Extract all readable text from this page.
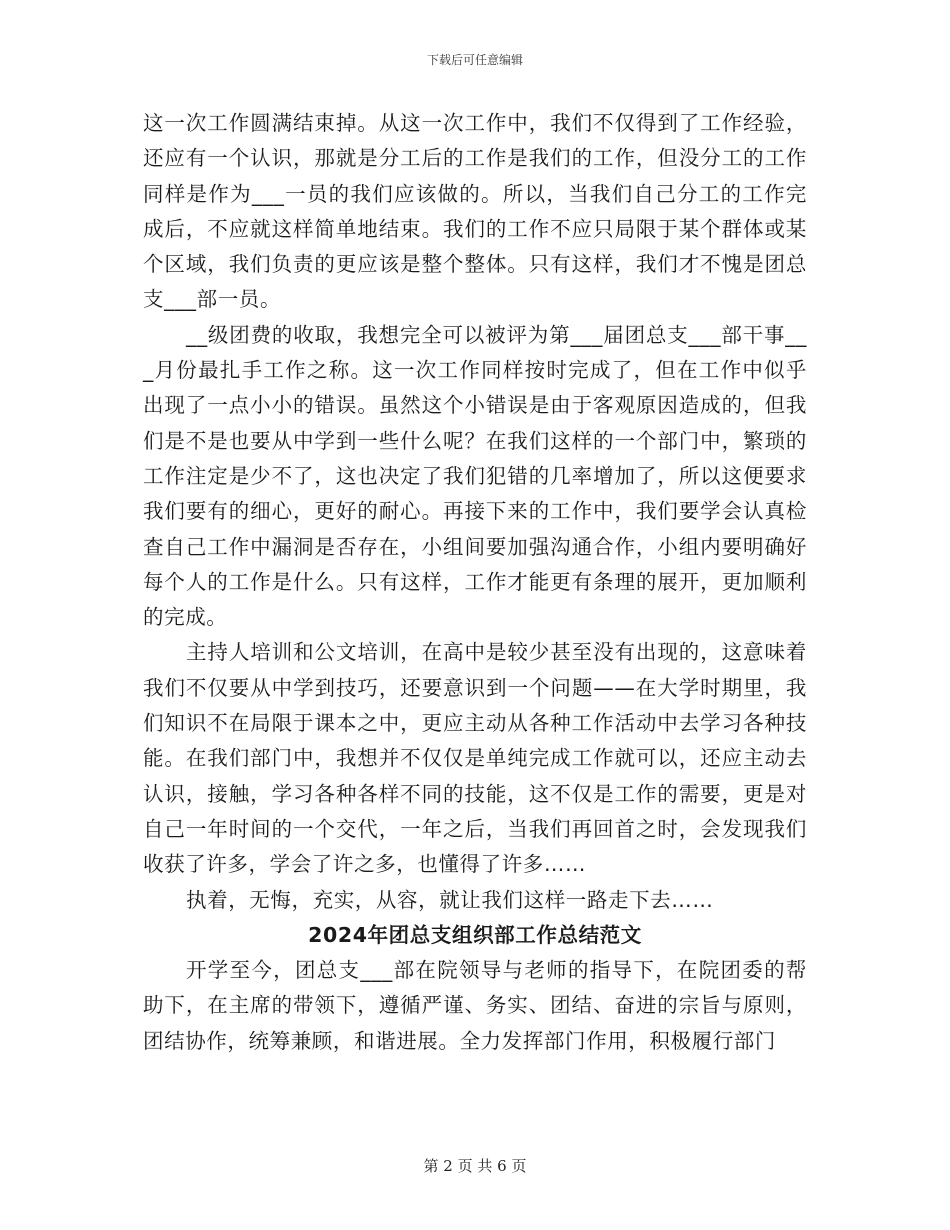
下载后可任意编辑

这一次工作圆满结束掉。从这一次工作中，我们不仅得到了工作经验，还应有一个认识，那就是分工后的工作是我们的工作，但没分工的工作同样是作为___一员的我们应该做的。所以，当我们自己分工的工作完成后，不应就这样简单地结束。我们的工作不应只局限于某个群体或某个区域，我们负责的更应该是整个整体。只有这样，我们才不愧是团总支___部一员。

__级团费的收取，我想完全可以被评为第___届团总支___部干事___月份最扎手工作之称。这一次工作同样按时完成了，但在工作中似乎出现了一点小小的错误。虽然这个小错误是由于客观原因造成的，但我们是不是也要从中学到一些什么呢？在我们这样的一个部门中，繁琐的工作注定是少不了，这也决定了我们犯错的几率增加了，所以这便要求我们要有的细心，更好的耐心。再接下来的工作中，我们要学会认真检查自己工作中漏洞是否存在，小组间要加强沟通合作，小组内要明确好每个人的工作是什么。只有这样，工作才能更有条理的展开，更加顺利的完成。

主持人培训和公文培训，在高中是较少甚至没有出现的，这意味着我们不仅要从中学到技巧，还要意识到一个问题——在大学时期里，我们知识不在局限于课本之中，更应主动从各种工作活动中去学习各种技能。在我们部门中，我想并不仅仅是单纯完成工作就可以，还应主动去认识，接触，学习各种各样不同的技能，这不仅是工作的需要，更是对自己一年时间的一个交代，一年之后，当我们再回首之时，会发现我们收获了许多，学会了许之多，也懂得了许多……

执着，无悔，充实，从容，就让我们这样一路走下去……

2024年团总支组织部工作总结范文

开学至今，团总支___部在院领导与老师的指导下，在院团委的帮助下，在主席的带领下，遵循严谨、务实、团结、奋进的宗旨与原则，团结协作，统筹兼顾，和谐进展。全力发挥部门作用，积极履行部门

第 2 页 共 6 页
